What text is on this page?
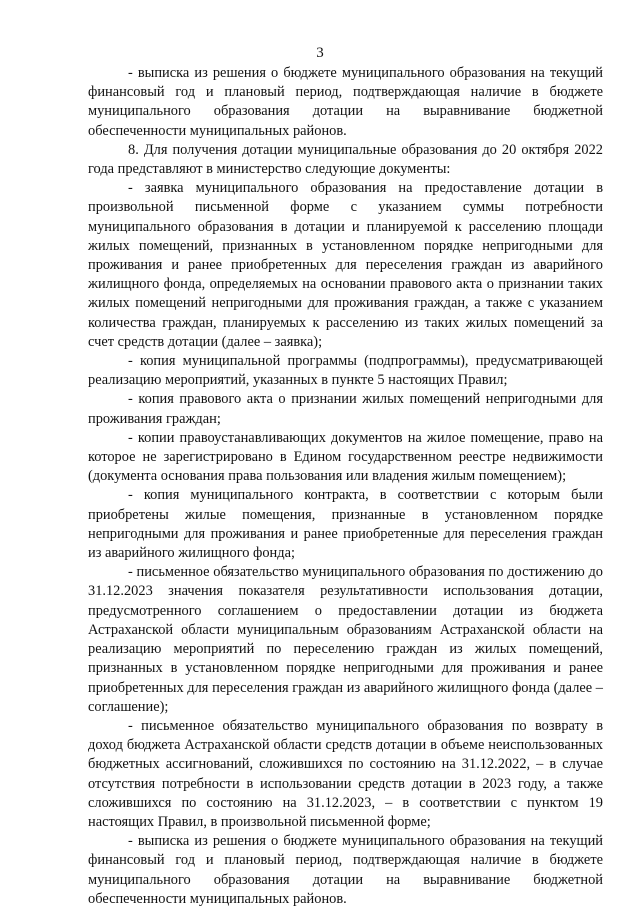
3

- выписка из решения о бюджете муниципального образования на текущий финансовый год и плановый период, подтверждающая наличие в бюджете муниципального образования дотации на выравнивание бюджетной обеспеченности муниципальных районов.

8. Для получения дотации муниципальные образования до 20 октября 2022 года представляют в министерство следующие документы:

- заявка муниципального образования на предоставление дотации в произвольной письменной форме с указанием суммы потребности муниципального образования в дотации и планируемой к расселению площади жилых помещений, признанных в установленном порядке непригодными для проживания и ранее приобретенных для переселения граждан из аварийного жилищного фонда, определяемых на основании правового акта о признании таких жилых помещений непригодными для проживания граждан, а также с указанием количества граждан, планируемых к расселению из таких жилых помещений за счет средств дотации (далее – заявка);

- копия муниципальной программы (подпрограммы), предусматривающей реализацию мероприятий, указанных в пункте 5 настоящих Правил;

- копия правового акта о признании жилых помещений непригодными для проживания граждан;

- копии правоустанавливающих документов на жилое помещение, право на которое не зарегистрировано в Едином государственном реестре недвижимости (документа основания права пользования или владения жилым помещением);

- копия муниципального контракта, в соответствии с которым были приобретены жилые помещения, признанные в установленном порядке непригодными для проживания и ранее приобретенные для переселения граждан из аварийного жилищного фонда;

- письменное обязательство муниципального образования по достижению до 31.12.2023 значения показателя результативности использования дотации, предусмотренного соглашением о предоставлении дотации из бюджета Астраханской области муниципальным образованиям Астраханской области на реализацию мероприятий по переселению граждан из жилых помещений, признанных в установленном порядке непригодными для проживания и ранее приобретенных для переселения граждан из аварийного жилищного фонда (далее – соглашение);

- письменное обязательство муниципального образования по возврату в доход бюджета Астраханской области средств дотации в объеме неиспользованных бюджетных ассигнований, сложившихся по состоянию на 31.12.2022, – в случае отсутствия потребности в использовании средств дотации в 2023 году, а также сложившихся по состоянию на 31.12.2023, – в соответствии с пунктом 19 настоящих Правил, в произвольной письменной форме;

- выписка из решения о бюджете муниципального образования на текущий финансовый год и плановый период, подтверждающая наличие в бюджете муниципального образования дотации на выравнивание бюджетной обеспеченности муниципальных районов.
